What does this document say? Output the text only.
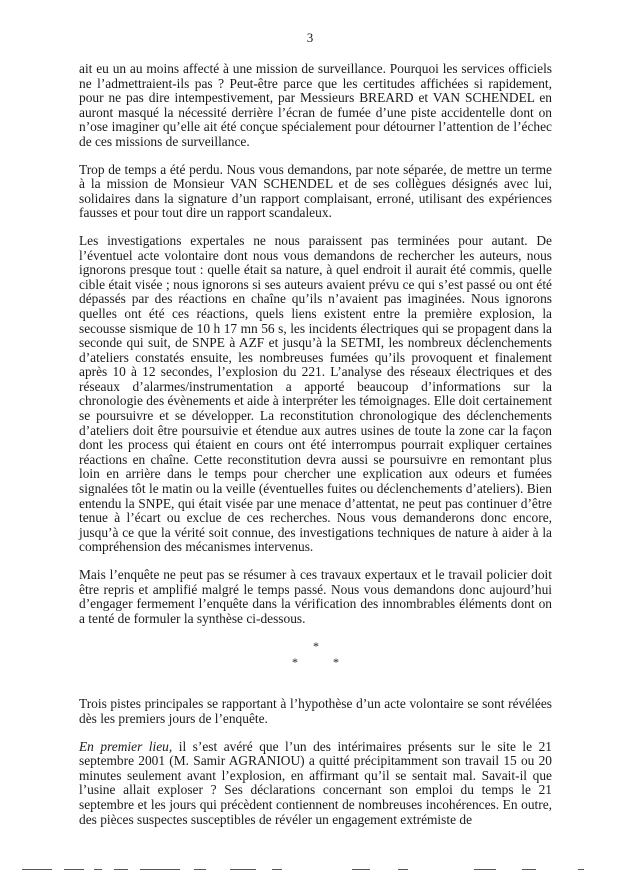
3

ait eu un au moins affecté à une mission de surveillance. Pourquoi les services officiels ne l’admettraient-ils pas ? Peut-être parce que les certitudes affichées si rapidement, pour ne pas dire intempestivement, par Messieurs BREARD et VAN SCHENDEL en auront masqué la nécessité derrière l’écran de fumée d’une piste accidentelle dont on n’ose imaginer qu’elle ait été conçue spécialement pour détourner l’attention de l’échec de ces missions de surveillance.

Trop de temps a été perdu. Nous vous demandons, par note séparée, de mettre un terme à la mission de Monsieur VAN SCHENDEL et de ses collègues désignés avec lui, solidaires dans la signature d’un rapport complaisant, erroné, utilisant des expériences fausses et pour tout dire un rapport scandaleux.

Les investigations expertales ne nous paraissent pas terminées pour autant. De l’éventuel acte volontaire dont nous vous demandons de rechercher les auteurs, nous ignorons presque tout : quelle était sa nature, à quel endroit il aurait été commis, quelle cible était visée ; nous ignorons si ses auteurs avaient prévu ce qui s’est passé ou ont été dépassés par des réactions en chaîne qu’ils n’avaient pas imaginées. Nous ignorons quelles ont été ces réactions, quels liens existent entre la première explosion, la secousse sismique de 10 h 17 mn 56 s, les incidents électriques qui se propagent dans la seconde qui suit, de SNPE à AZF et jusqu’à la SETMI, les nombreux déclenchements d’ateliers constatés ensuite, les nombreuses fumées qu’ils provoquent et finalement après 10 à 12 secondes, l’explosion du 221. L’analyse des réseaux électriques et des réseaux d’alarmes/instrumentation a apporté beaucoup d’informations sur la chronologie des évènements et aide à interpréter les témoignages. Elle doit certainement se poursuivre et se développer. La reconstitution chronologique des déclenchements d’ateliers doit être poursuivie et étendue aux autres usines de toute la zone car la façon dont les process qui étaient en cours ont été interrompus pourrait expliquer certaines réactions en chaîne. Cette reconstitution devra aussi se poursuivre en remontant plus loin en arrière dans le temps pour chercher une explication aux odeurs et fumées signalées tôt le matin ou la veille (éventuelles fuites ou déclenchements d’ateliers). Bien entendu la SNPE, qui était visée par une menace d’attentat, ne peut pas continuer d’être tenue à l’écart ou exclue de ces recherches. Nous vous demanderons donc encore, jusqu’à ce que la vérité soit connue, des investigations techniques de nature à aider à la compréhension des mécanismes intervenus.

Mais l’enquête ne peut pas se résumer à ces travaux expertaux et le travail policier doit être repris et amplifié malgré le temps passé. Nous vous demandons donc aujourd’hui d’engager fermement l’enquête dans la vérification des innombrables éléments dont on a tenté de formuler la synthèse ci-dessous.

*
*	*

Trois pistes principales se rapportant à l’hypothèse d’un acte volontaire se sont révélées dès les premiers jours de l’enquête.

En premier lieu, il s’est avéré que l’un des intérimaires présents sur le site le 21 septembre 2001 (M. Samir AGRANIOU) a quitté précipitamment son travail 15 ou 20 minutes seulement avant l’explosion, en affirmant qu’il se sentait mal. Savait-il que l’usine allait exploser ? Ses déclarations concernant son emploi du temps le 21 septembre et les jours qui précèdent contiennent de nombreuses incohérences. En outre, des pièces suspectes susceptibles de révéler un engagement extrémiste de
